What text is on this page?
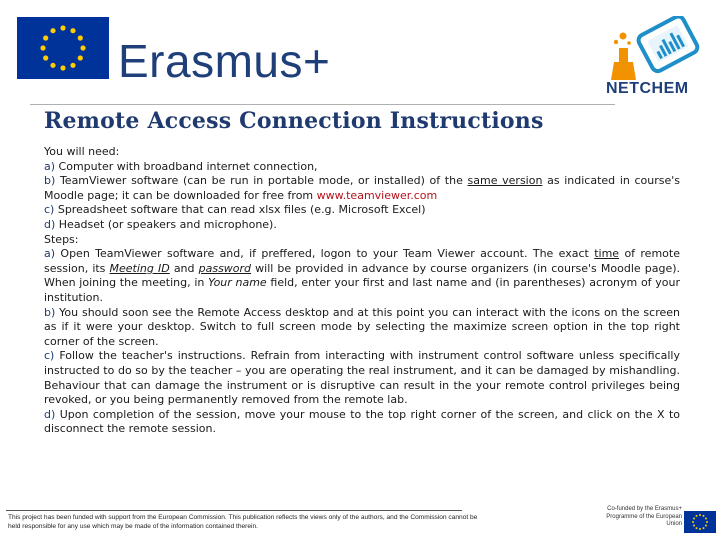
Erasmus+
NETCHEM
Remote Access Connection Instructions

You will need:

a) Computer with broadband internet connection,

b) TeamViewer software (can be run in portable mode, or installed) of the same version as indicated in course's Moodle page; it can be downloaded for free from www.teamviewer.com

c) Spreadsheet software that can read xlsx files (e.g. Microsoft Excel)

d) Headset (or speakers and microphone).

Steps:

a) Open TeamViewer software and, if preffered, logon to your Team Viewer account. The exact time of remote session, its Meeting ID and password will be provided in advance by course organizers (in course's Moodle page). When joining the meeting, in Your name field, enter your first and last name and (in parentheses) acronym of your institution.

b) You should soon see the Remote Access desktop and at this point you can interact with the icons on the screen as if it were your desktop. Switch to full screen mode by selecting the maximize screen option in the top right corner of the screen.

c) Follow the teacher's instructions. Refrain from interacting with instrument control software unless specifically instructed to do so by the teacher – you are operating the real instrument, and it can be damaged by mishandling. Behaviour that can damage the instrument or is disruptive can result in the your remote control privileges being revoked, or you being permanently removed from the remote lab.

d) Upon completion of the session, move your mouse to the top right corner of the screen, and click on the X to disconnect the remote session.

This project has been funded with support from the European Commission. This publication reflects the views only of the authors, and the Commission cannot be held responsible for any use which may be made of the information contained therein.
Co-funded by the Erasmus+ Programme of the European Union
